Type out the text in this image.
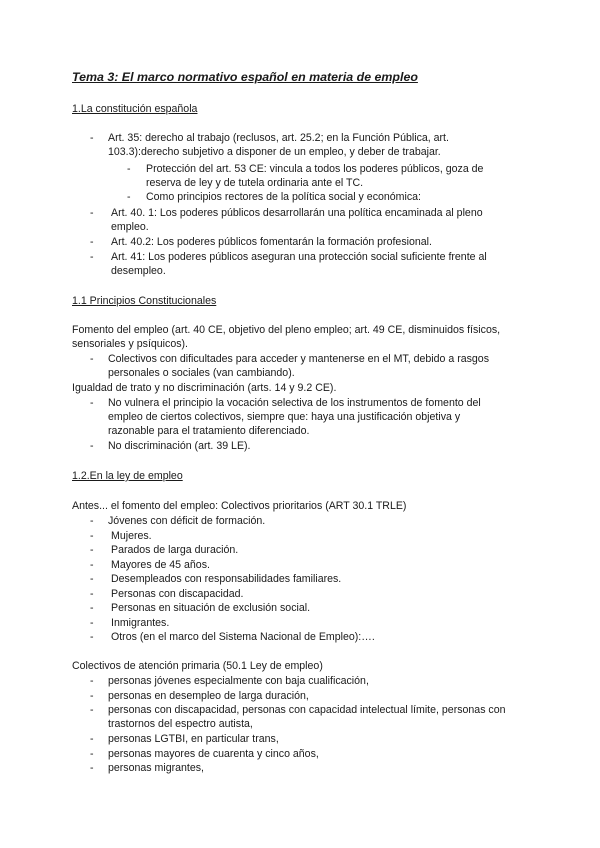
Tema 3: El marco normativo español en materia de empleo
1.La constitución española
- Art. 35: derecho al trabajo (reclusos, art. 25.2; en la Función Pública, art.
103.3):derecho subjetivo a disponer de un empleo, y deber de trabajar.
- Protección del art. 53 CE: vincula a todos los poderes públicos, goza de
reserva de ley y de tutela ordinaria ante el TC.
- Como principios rectores de la política social y económica:
- Art. 40. 1: Los poderes públicos desarrollarán una política encaminada al pleno
empleo.
- Art. 40.2: Los poderes públicos fomentarán la formación profesional.
- Art. 41: Los poderes públicos aseguran una protección social suficiente frente al
desempleo.
1.1 Principios Constitucionales
Fomento del empleo (art. 40 CE, objetivo del pleno empleo; art. 49 CE, disminuidos físicos,
sensoriales y psíquicos).
- Colectivos con dificultades para acceder y mantenerse en el MT, debido a rasgos
personales o sociales (van cambiando).
Igualdad de trato y no discriminación (arts. 14 y 9.2 CE).
- No vulnera el principio la vocación selectiva de los instrumentos de fomento del
empleo de ciertos colectivos, siempre que: haya una justificación objetiva y
razonable para el tratamiento diferenciado.
- No discriminación (art. 39 LE).
1.2.En la ley de empleo
Antes... el fomento del empleo: Colectivos prioritarios (ART 30.1 TRLE)
- Jóvenes con déficit de formación.
- Mujeres.
- Parados de larga duración.
- Mayores de 45 años.
- Desempleados con responsabilidades familiares.
- Personas con discapacidad.
- Personas en situación de exclusión social.
- Inmigrantes.
- Otros (en el marco del Sistema Nacional de Empleo):….
Colectivos de atención primaria (50.1 Ley de empleo)
- personas jóvenes especialmente con baja cualificación,
- personas en desempleo de larga duración,
- personas con discapacidad, personas con capacidad intelectual límite, personas con
trastornos del espectro autista,
- personas LGTBI, en particular trans,
- personas mayores de cuarenta y cinco años,
- personas migrantes,
